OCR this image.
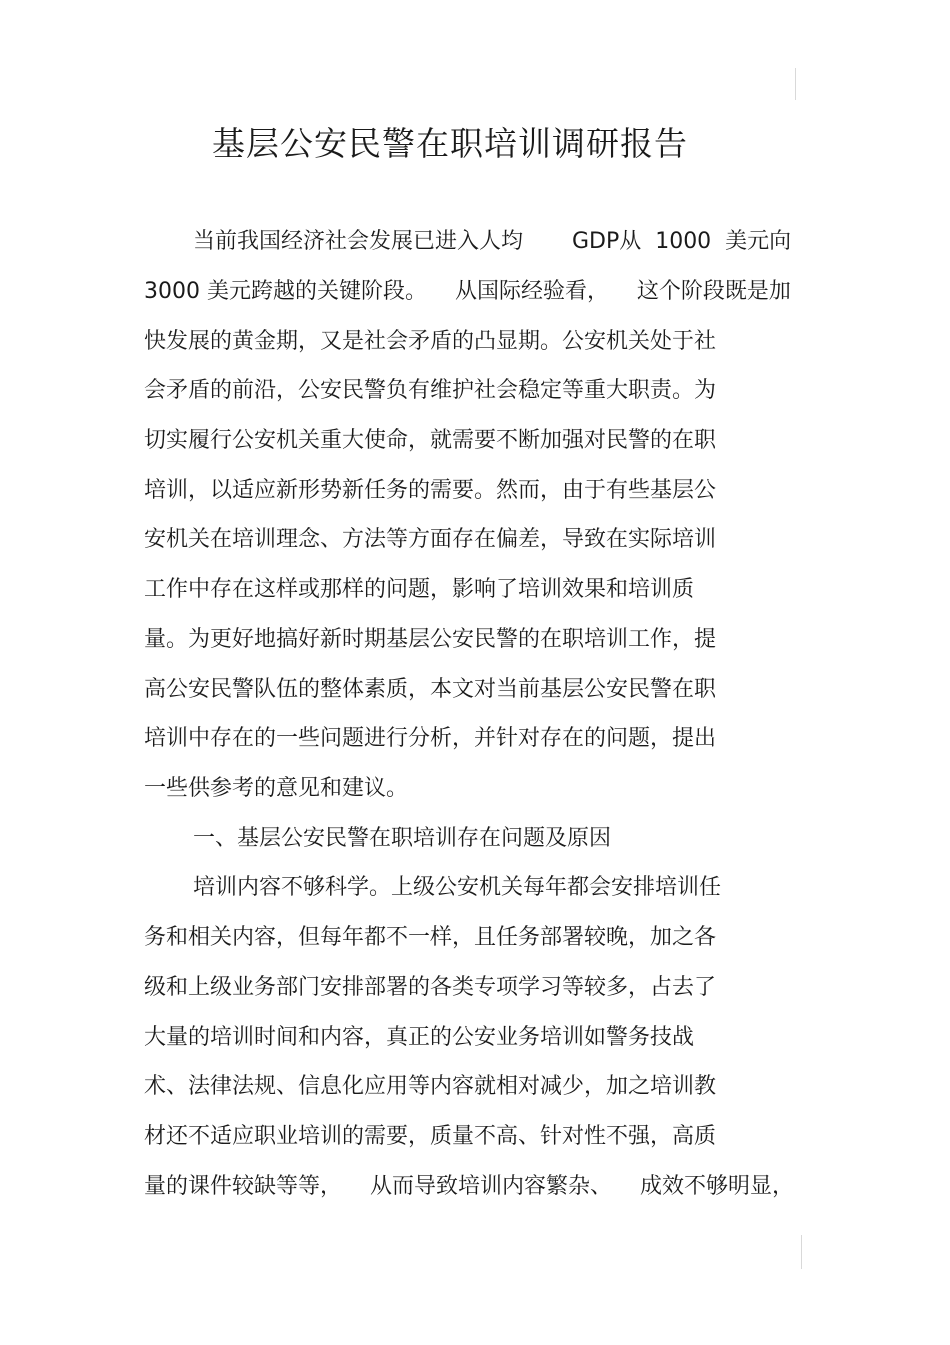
基层公安民警在职培训调研报告

当前我国经济社会发展已进入人均       GDP从  1000  美元向

3000 美元跨越的关键阶段。    从国际经验看，    这个阶段既是加

快发展的黄金期，又是社会矛盾的凸显期。公安机关处于社

会矛盾的前沿，公安民警负有维护社会稳定等重大职责。为

切实履行公安机关重大使命，就需要不断加强对民警的在职

培训，以适应新形势新任务的需要。然而，由于有些基层公

安机关在培训理念、方法等方面存在偏差，导致在实际培训

工作中存在这样或那样的问题，影响了培训效果和培训质

量。为更好地搞好新时期基层公安民警的在职培训工作，提

高公安民警队伍的整体素质，本文对当前基层公安民警在职

培训中存在的一些问题进行分析，并针对存在的问题，提出

一些供参考的意见和建议。

一、基层公安民警在职培训存在问题及原因

培训内容不够科学。上级公安机关每年都会安排培训任

务和相关内容，但每年都不一样，且任务部署较晚，加之各

级和上级业务部门安排部署的各类专项学习等较多，占去了

大量的培训时间和内容，真正的公安业务培训如警务技战

术、法律法规、信息化应用等内容就相对减少，加之培训教

材还不适应职业培训的需要，质量不高、针对性不强，高质

量的课件较缺等等，    从而导致培训内容繁杂、    成效不够明显，
